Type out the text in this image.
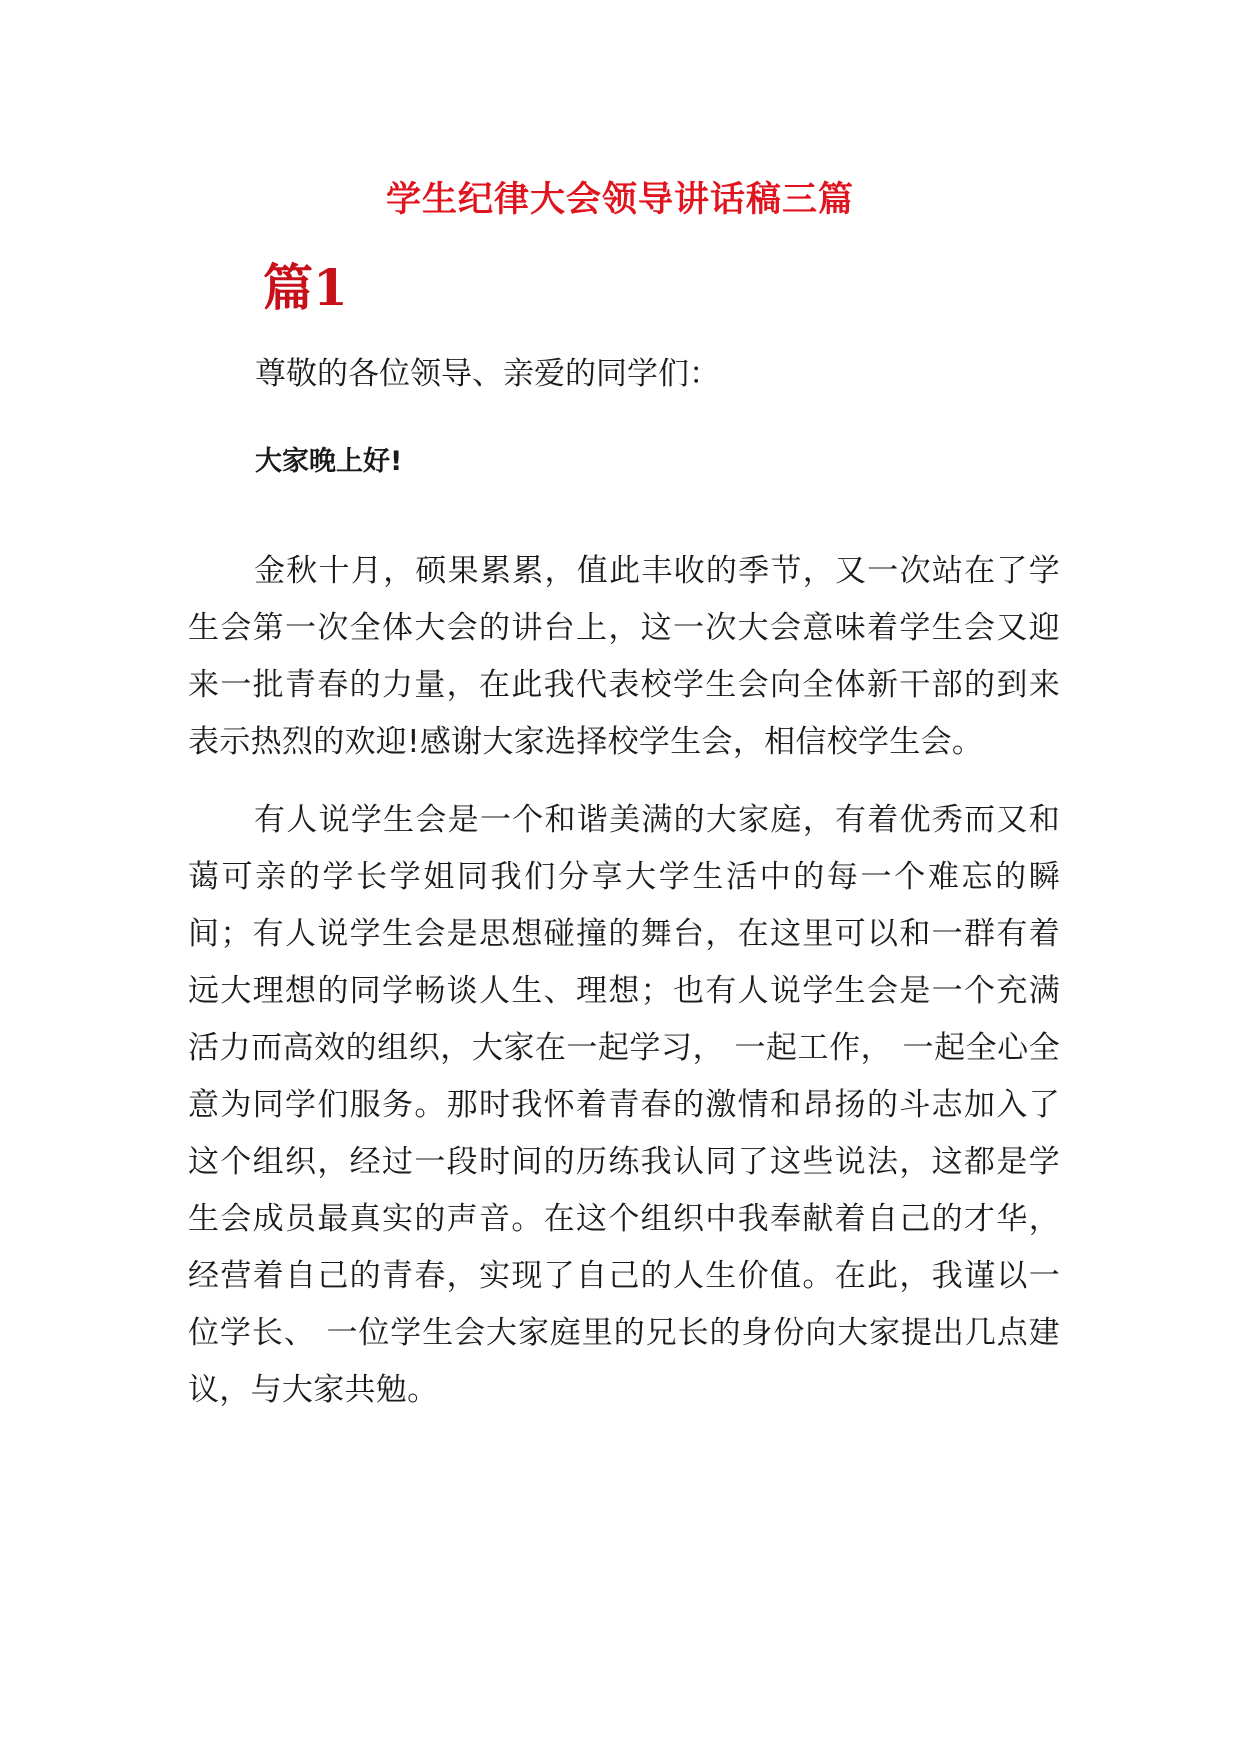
学生纪律大会领导讲话稿三篇
篇1
尊敬的各位领导、亲爱的同学们：
大家晚上好!

金秋十月，硕果累累，值此丰收的季节，又一次站在了学生会第一次全体大会的讲台上，这一次大会意味着学生会又迎来一批青春的力量，在此我代表校学生会向全体新干部的到来表示热烈的欢迎!感谢大家选择校学生会，相信校学生会。

有人说学生会是一个和谐美满的大家庭，有着优秀而又和蔼可亲的学长学姐同我们分享大学生活中的每一个难忘的瞬间；有人说学生会是思想碰撞的舞台，在这里可以和一群有着远大理想的同学畅谈人生、理想；也有人说学生会是一个充满活力而高效的组织，大家在一起学习， 一起工作， 一起全心全意为同学们服务。那时我怀着青春的激情和昂扬的斗志加入了这个组织，经过一段时间的历练我认同了这些说法，这都是学生会成员最真实的声音。在这个组织中我奉献着自己的才华，经营着自己的青春，实现了自己的人生价值。在此，我谨以一位学长、 一位学生会大家庭里的兄长的身份向大家提出几点建议，与大家共勉。
